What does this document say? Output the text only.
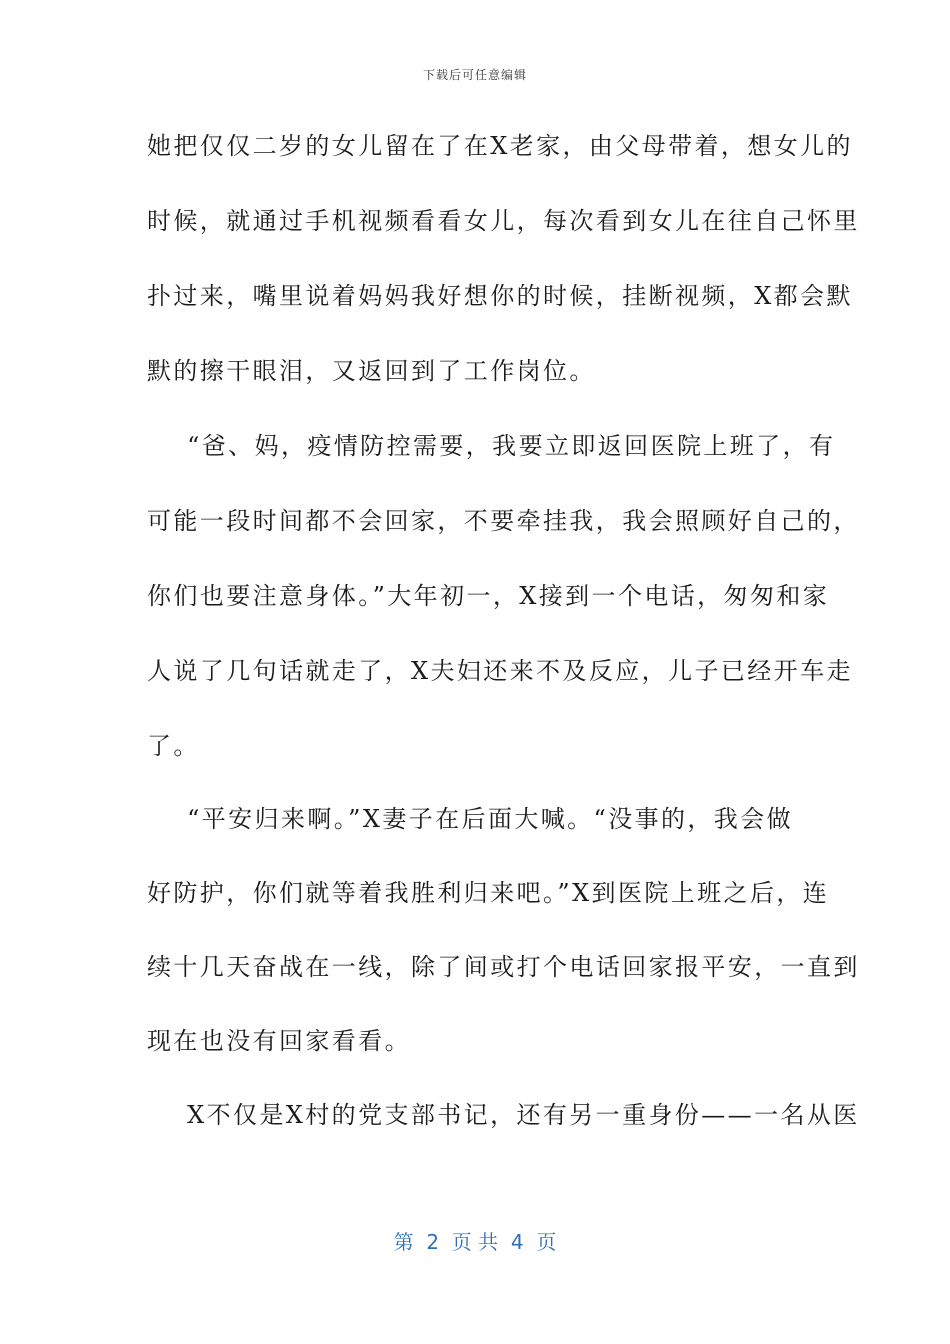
下载后可任意编辑
她把仅仅二岁的女儿留在了在X老家，由父母带着，想女儿的
时候，就通过手机视频看看女儿，每次看到女儿在往自己怀里
扑过来，嘴里说着妈妈我好想你的时候，挂断视频，X都会默
默的擦干眼泪，又返回到了工作岗位。
“爸、妈，疫情防控需要，我要立即返回医院上班了，有
可能一段时间都不会回家，不要牵挂我，我会照顾好自己的，
你们也要注意身体。”大年初一，X接到一个电话，匆匆和家
人说了几句话就走了，X夫妇还来不及反应，儿子已经开车走
了。
“平安归来啊。”X妻子在后面大喊。“没事的，我会做
好防护，你们就等着我胜利归来吧。”X到医院上班之后，连
续十几天奋战在一线，除了间或打个电话回家报平安，一直到
现在也没有回家看看。
X不仅是X村的党支部书记，还有另一重身份——一名从医
第  2  页 共  4  页
